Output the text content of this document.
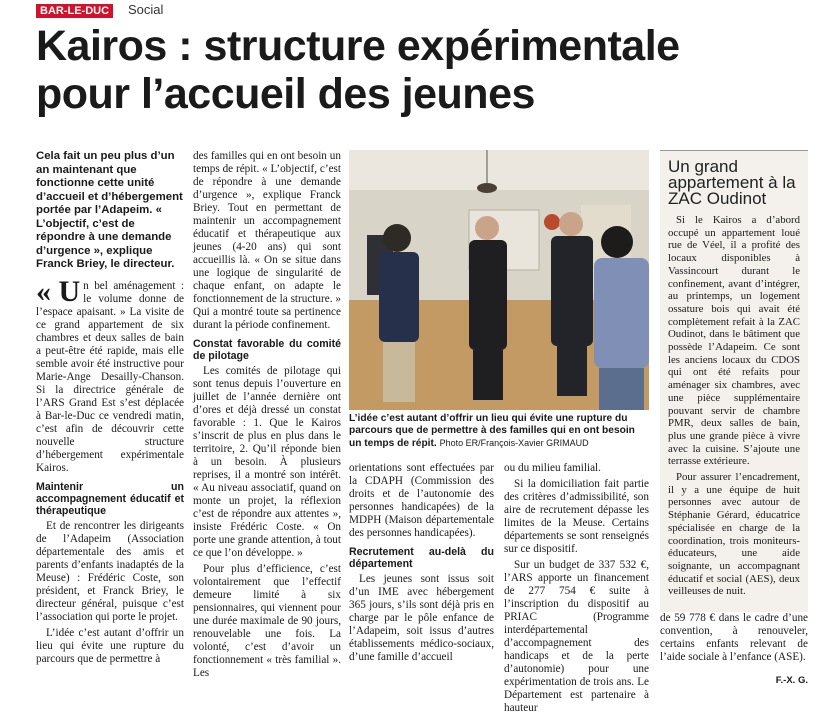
BAR-LE-DUC	Social
Kairos : structure expérimentale
pour l’accueil des jeunes
Cela fait un peu plus d’un an maintenant que fonctionne cette unité d’accueil et d’hébergement portée par l’Adapeim. « L’objectif, c’est de répondre à une demande d’urgence », explique Franck Briey, le directeur.
« U n bel aménagement : le volume donne de l’espace apaisant. » La visite de ce grand appartement de six chambres et deux salles de bain a peut-être été rapide, mais elle semble avoir été instructive pour Marie-Ange Desailly-Chanson. Si la directrice générale de l’ARS Grand Est s’est déplacée à Bar-le-Duc ce vendredi matin, c’est afin de découvrir cette nouvelle structure d’hébergement expérimentale Kairos.
Maintenir un accompagnement éducatif et thérapeutique

Et de rencontrer les dirigeants de l’Adapeim (Association départementale des amis et parents d’enfants inadaptés de la Meuse) : Frédéric Coste, son président, et Franck Briey, le directeur général, puisque c’est l’association qui porte le projet.

L’idée c’est autant d’offrir un lieu qui évite une rupture du parcours que de permettre à

des familles qui en ont besoin un temps de répit. « L’objectif, c’est de répondre à une demande d’urgence », explique Franck Briey. Tout en permettant de maintenir un accompagnement éducatif et thérapeutique aux jeunes (4-20 ans) qui sont accueillis là. « On se situe dans une logique de singularité de chaque enfant, on adapte le fonctionnement de la structure. » Qui a montré toute sa pertinence durant la période confinement.

Constat favorable du comité de pilotage

Les comités de pilotage qui sont tenus depuis l’ouverture en juillet de l’année dernière ont d’ores et déjà dressé un constat favorable : 1. Que le Kairos s’inscrit de plus en plus dans le territoire, 2. Qu’il réponde bien à un besoin. À plusieurs reprises, il a montré son intérêt. « Au niveau associatif, quand on monte un projet, la réflexion c’est de répondre aux attentes », insiste Frédéric Coste. « On porte une grande attention, à tout ce que l’on développe. »

Pour plus d’efficience, c’est volontairement que l’effectif demeure limité à six pensionnaires, qui viennent pour une durée maximale de 90 jours, renouvelable une fois. La volonté, c’est d’avoir un fonctionnement « très familial ». Les

L’idée c’est autant d’offrir un lieu qui évite une rupture du parcours que de permettre à des familles qui en ont besoin un temps de répit. Photo ER/François-Xavier GRIMAUD

orientations sont effectuées par la CDAPH (Commission des droits et de l’autonomie des personnes handicapées) de la MDPH (Maison départementale des personnes handicapées).

Recrutement au-delà du département

Les jeunes sont issus soit d’un IME avec hébergement 365 jours, s’ils sont déjà pris en charge par le pôle enfance de l’Adapeim, soit issus d’autres établissements médico-sociaux, d’une famille d’accueil

ou du milieu familial.

Si la domiciliation fait partie des critères d’admissibilité, son aire de recrutement dépasse les limites de la Meuse. Certains départements se sont renseignés sur ce dispositif.

Sur un budget de 337 532 €, l’ARS apporte un financement de 277 754 € suite à l’inscription du dispositif au PRIAC (Programme interdépartemental d’accompagnement des handicaps et de la perte d’autonomie) pour une expérimentation de trois ans. Le Département est partenaire à hauteur

Un grand appartement à la ZAC Oudinot

Si le Kairos a d’abord occupé un appartement loué rue de Véel, il a profité des locaux disponibles à Vassincourt durant le confinement, avant d’intégrer, au printemps, un logement ossature bois qui avait été complètement refait à la ZAC Oudinot, dans le bâtiment que possède l’Adapeim. Ce sont les anciens locaux du CDOS qui ont été refaits pour aménager six chambres, avec une pièce supplémentaire pouvant servir de chambre PMR, deux salles de bain, plus une grande pièce à vivre avec la cuisine. S’ajoute une terrasse extérieure.

Pour assurer l’encadrement, il y a une équipe de huit personnes avec autour de Stéphanie Gérard, éducatrice spécialisée en charge de la coordination, trois moniteurs-éducateurs, une aide soignante, un accompagnant éducatif et social (AES), deux veilleuses de nuit.

de 59 778 € dans le cadre d’une convention, à renouveler, certains enfants relevant de l’aide sociale à l’enfance (ASE).

F.-X. G.
